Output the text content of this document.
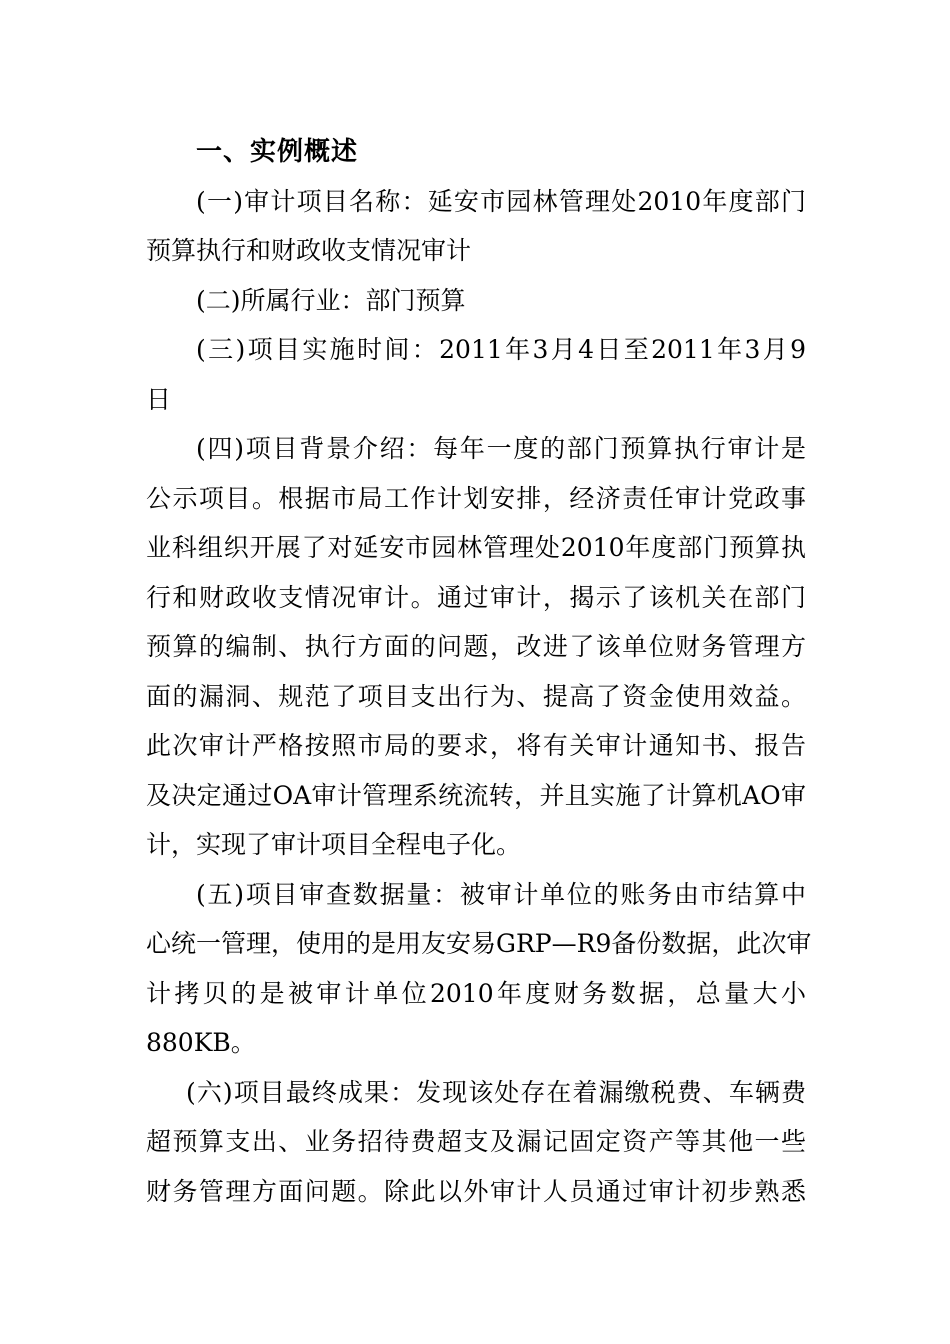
一、实例概述
(一)审计项目名称：延安市园林管理处2010年度部门
预算执行和财政收支情况审计
(二)所属行业：部门预算
(三)项目实施时间：2011年3月4日至2011年3月9
日
(四)项目背景介绍：每年一度的部门预算执行审计是
公示项目。根据市局工作计划安排，经济责任审计党政事
业科组织开展了对延安市园林管理处2010年度部门预算执
行和财政收支情况审计。通过审计，揭示了该机关在部门
预算的编制、执行方面的问题，改进了该单位财务管理方
面的漏洞、规范了项目支出行为、提高了资金使用效益。
此次审计严格按照市局的要求，将有关审计通知书、报告
及决定通过OA审计管理系统流转，并且实施了计算机AO审
计，实现了审计项目全程电子化。
(五)项目审查数据量：被审计单位的账务由市结算中
心统一管理，使用的是用友安易GRP—R9备份数据，此次审
计拷贝的是被审计单位2010年度财务数据，总量大小
880KB。
(六)项目最终成果：发现该处存在着漏缴税费、车辆费
超预算支出、业务招待费超支及漏记固定资产等其他一些
财务管理方面问题。除此以外审计人员通过审计初步熟悉
